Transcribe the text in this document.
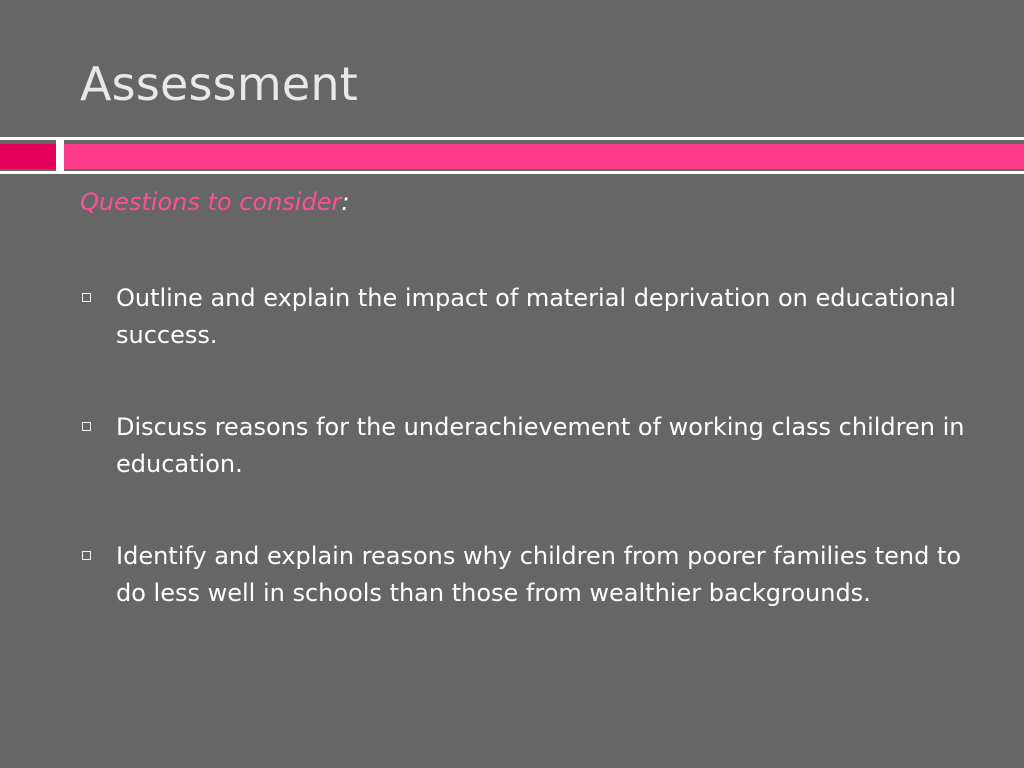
Assessment

Questions to consider:

Outline and explain the impact of material deprivation on educational success.
Discuss reasons for the underachievement of working class children in education.
Identify and explain reasons why children from poorer families tend to do less well in schools than those from wealthier backgrounds.
